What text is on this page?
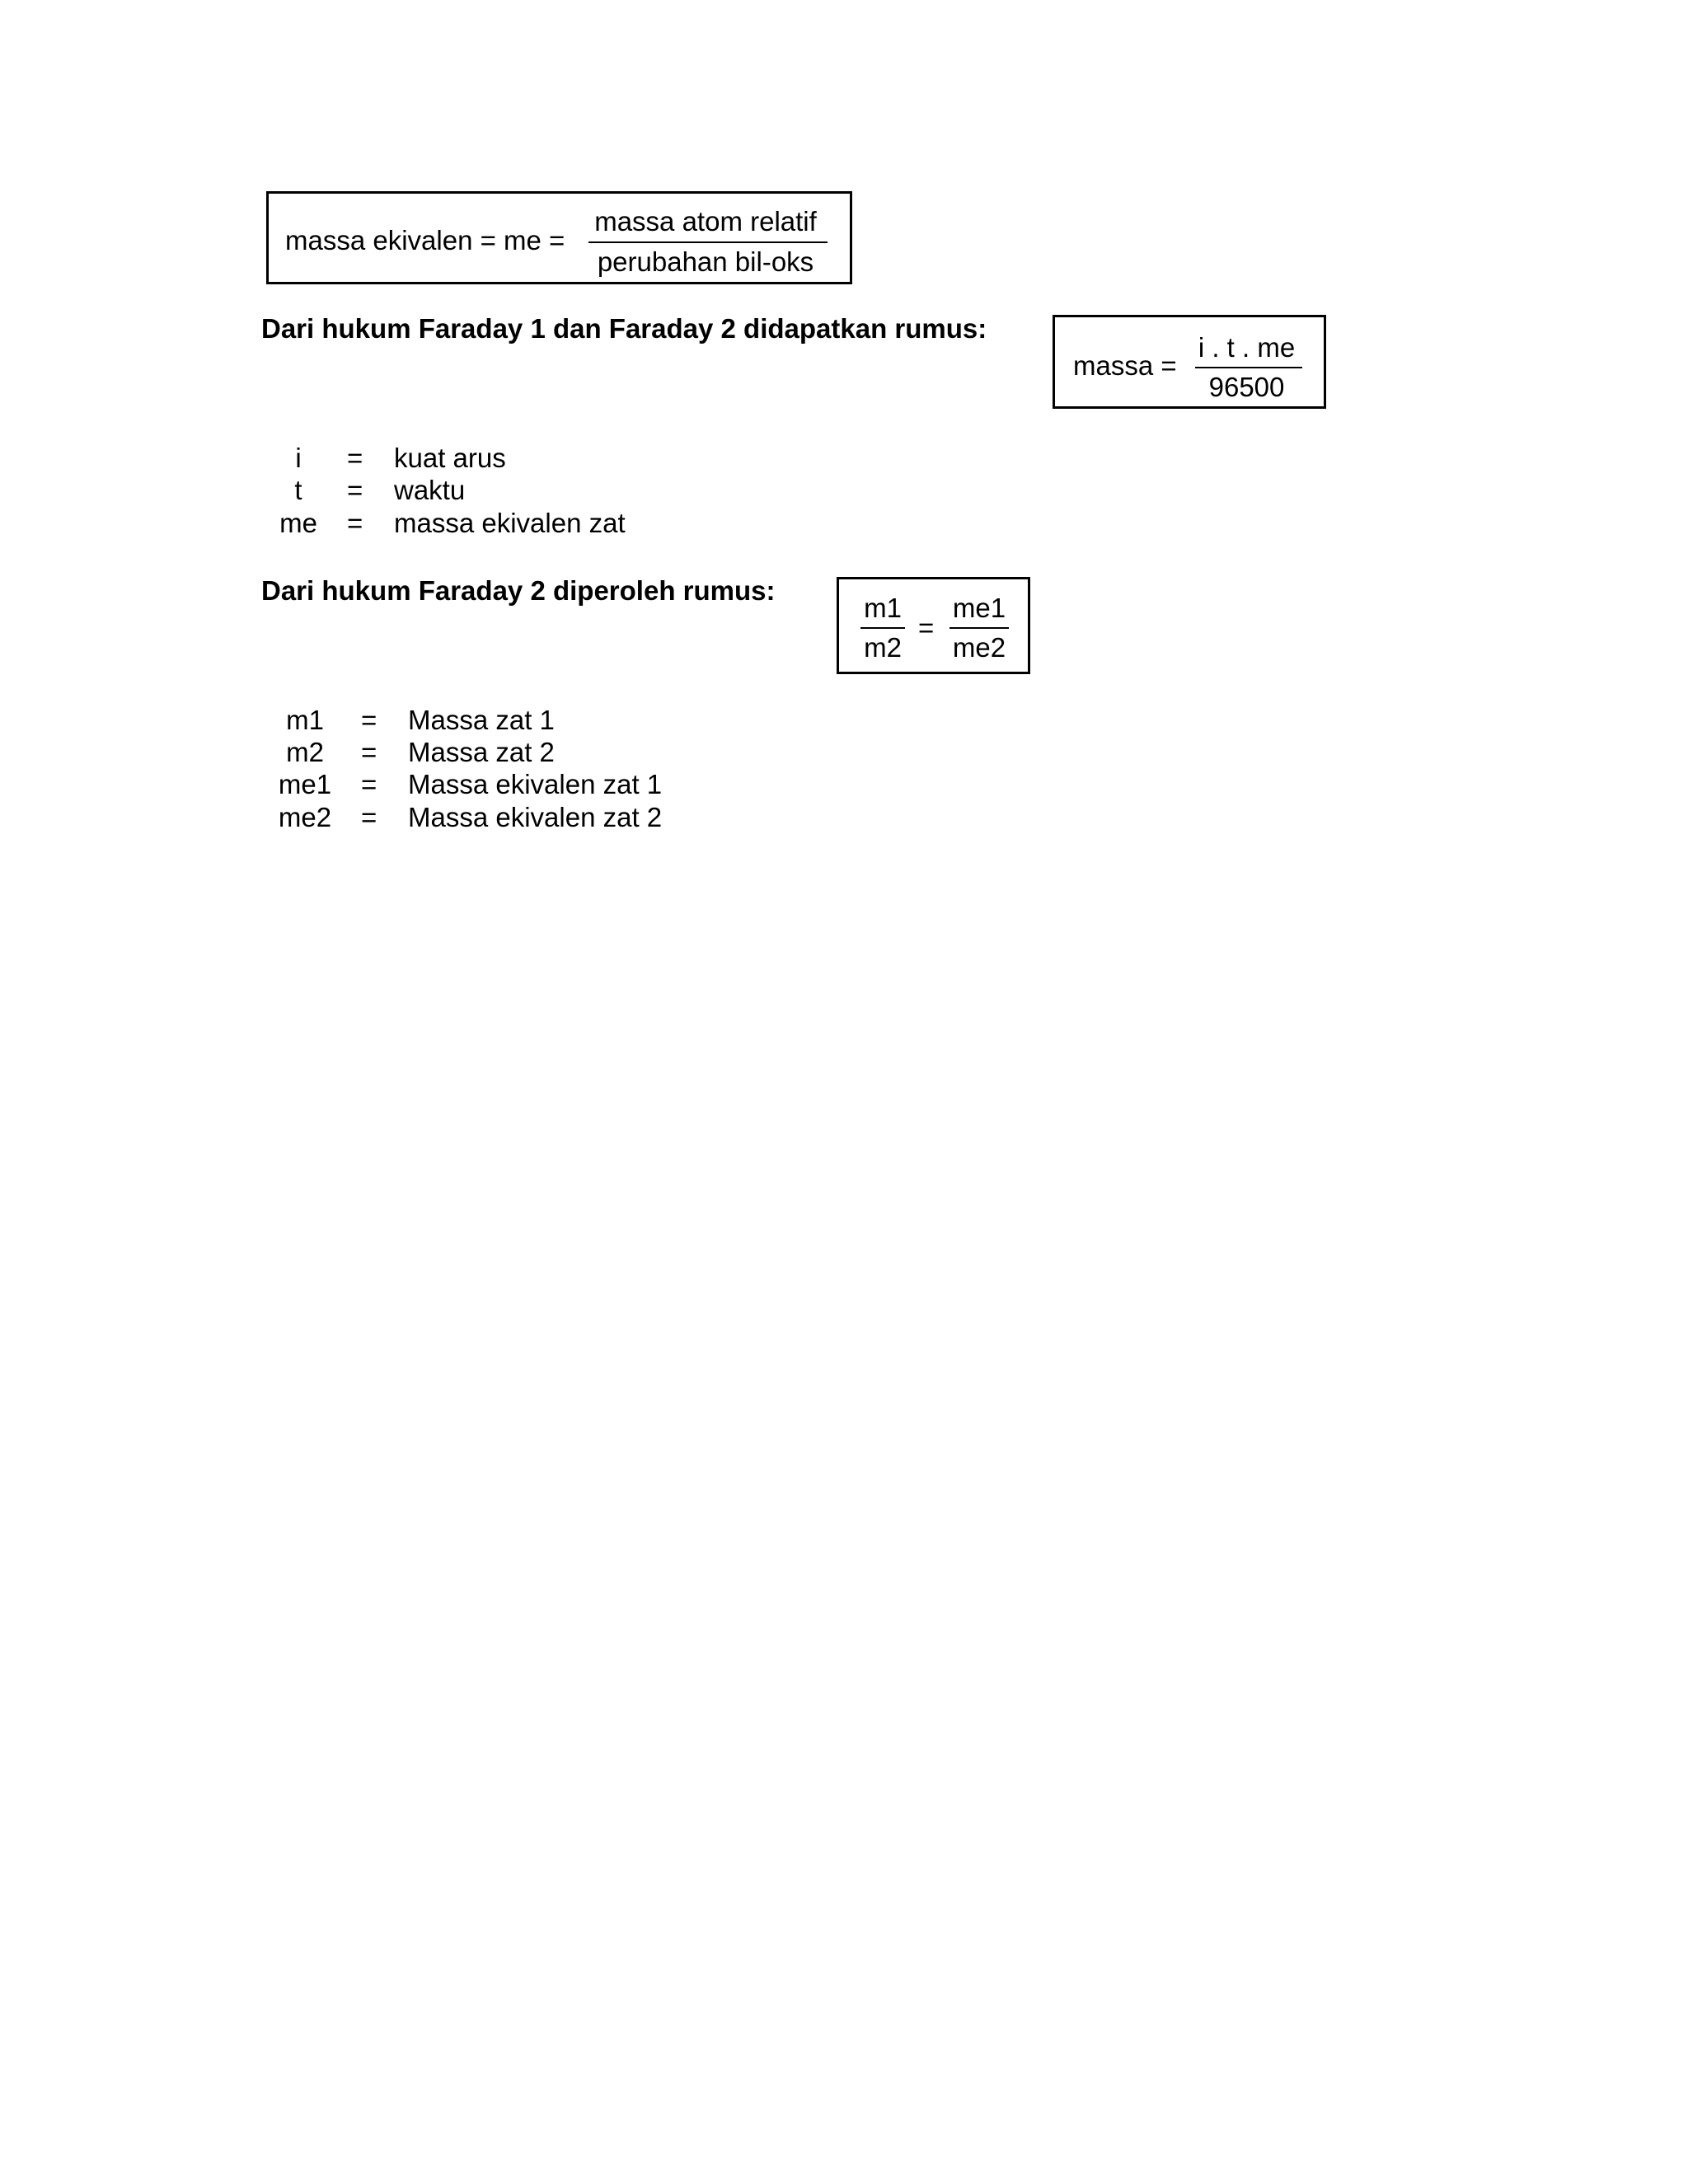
massa ekivalen = me =
massa atom relatif
perubahan bil-oks
Dari hukum Faraday 1 dan Faraday 2 didapatkan rumus:
massa =
i . t . me
96500
i	= kuat arus
t	= waktu
me	= massa ekivalen zat
Dari hukum Faraday 2 diperoleh rumus:
m1
m2
=
me1
me2
m1	= Massa zat 1
m2	= Massa zat 2
me1	= Massa ekivalen zat 1
me2	= Massa ekivalen zat 2
